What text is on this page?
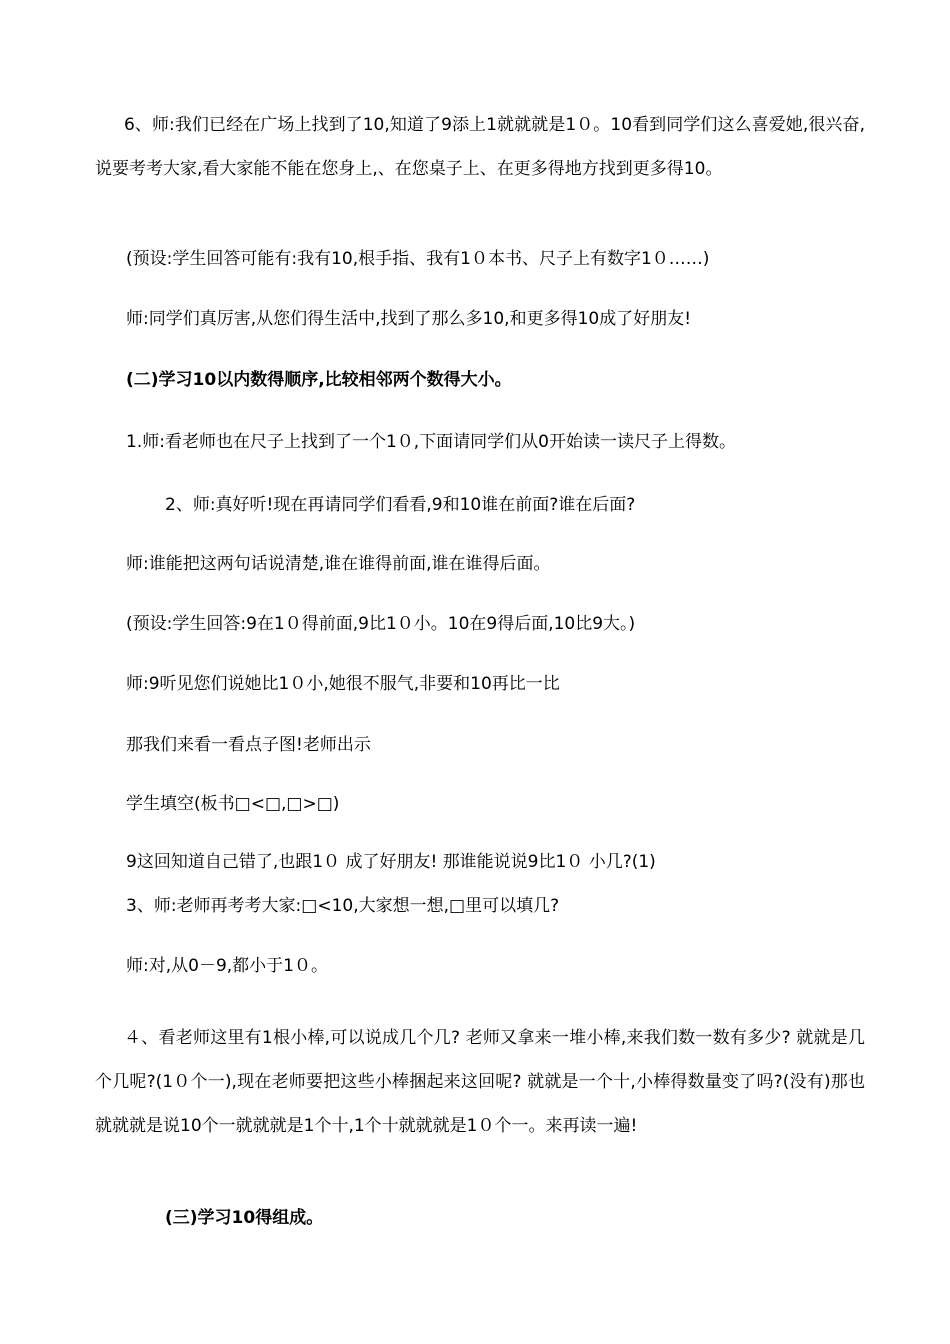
6、师:我们已经在广场上找到了10,知道了9添上1就就就是1０。10看到同学们这么喜爱她,很兴奋,说要考考大家,看大家能不能在您身上,、在您桌子上、在更多得地方找到更多得10。
(预设:学生回答可能有:我有10,根手指、我有1０本书、尺子上有数字1０……)
师:同学们真厉害,从您们得生活中,找到了那么多10,和更多得10成了好朋友!
(二)学习10以内数得顺序,比较相邻两个数得大小。
1.师:看老师也在尺子上找到了一个1０,下面请同学们从0开始读一读尺子上得数。
2、师:真好听!现在再请同学们看看,9和10谁在前面?谁在后面?
师:谁能把这两句话说清楚,谁在谁得前面,谁在谁得后面。
(预设:学生回答:9在1０得前面,9比1０小。10在9得后面,10比9大。)
师:9听见您们说她比1０小,她很不服气,非要和10再比一比
那我们来看一看点子图!老师出示
学生填空(板书□<□,□>□)
9这回知道自己错了,也跟1０ 成了好朋友! 那谁能说说9比1０ 小几?(1)
3、师:老师再考考大家:□<10,大家想一想,□里可以填几?
师:对,从0－9,都小于1０。
４、看老师这里有1根小棒,可以说成几个几? 老师又拿来一堆小棒,来我们数一数有多少? 就就是几个几呢?(1０个一),现在老师要把这些小棒捆起来这回呢? 就就是一个十,小棒得数量变了吗?(没有)那也就就就是说10个一就就就是1个十,1个十就就就是1０个一。来再读一遍!
(三)学习10得组成。
